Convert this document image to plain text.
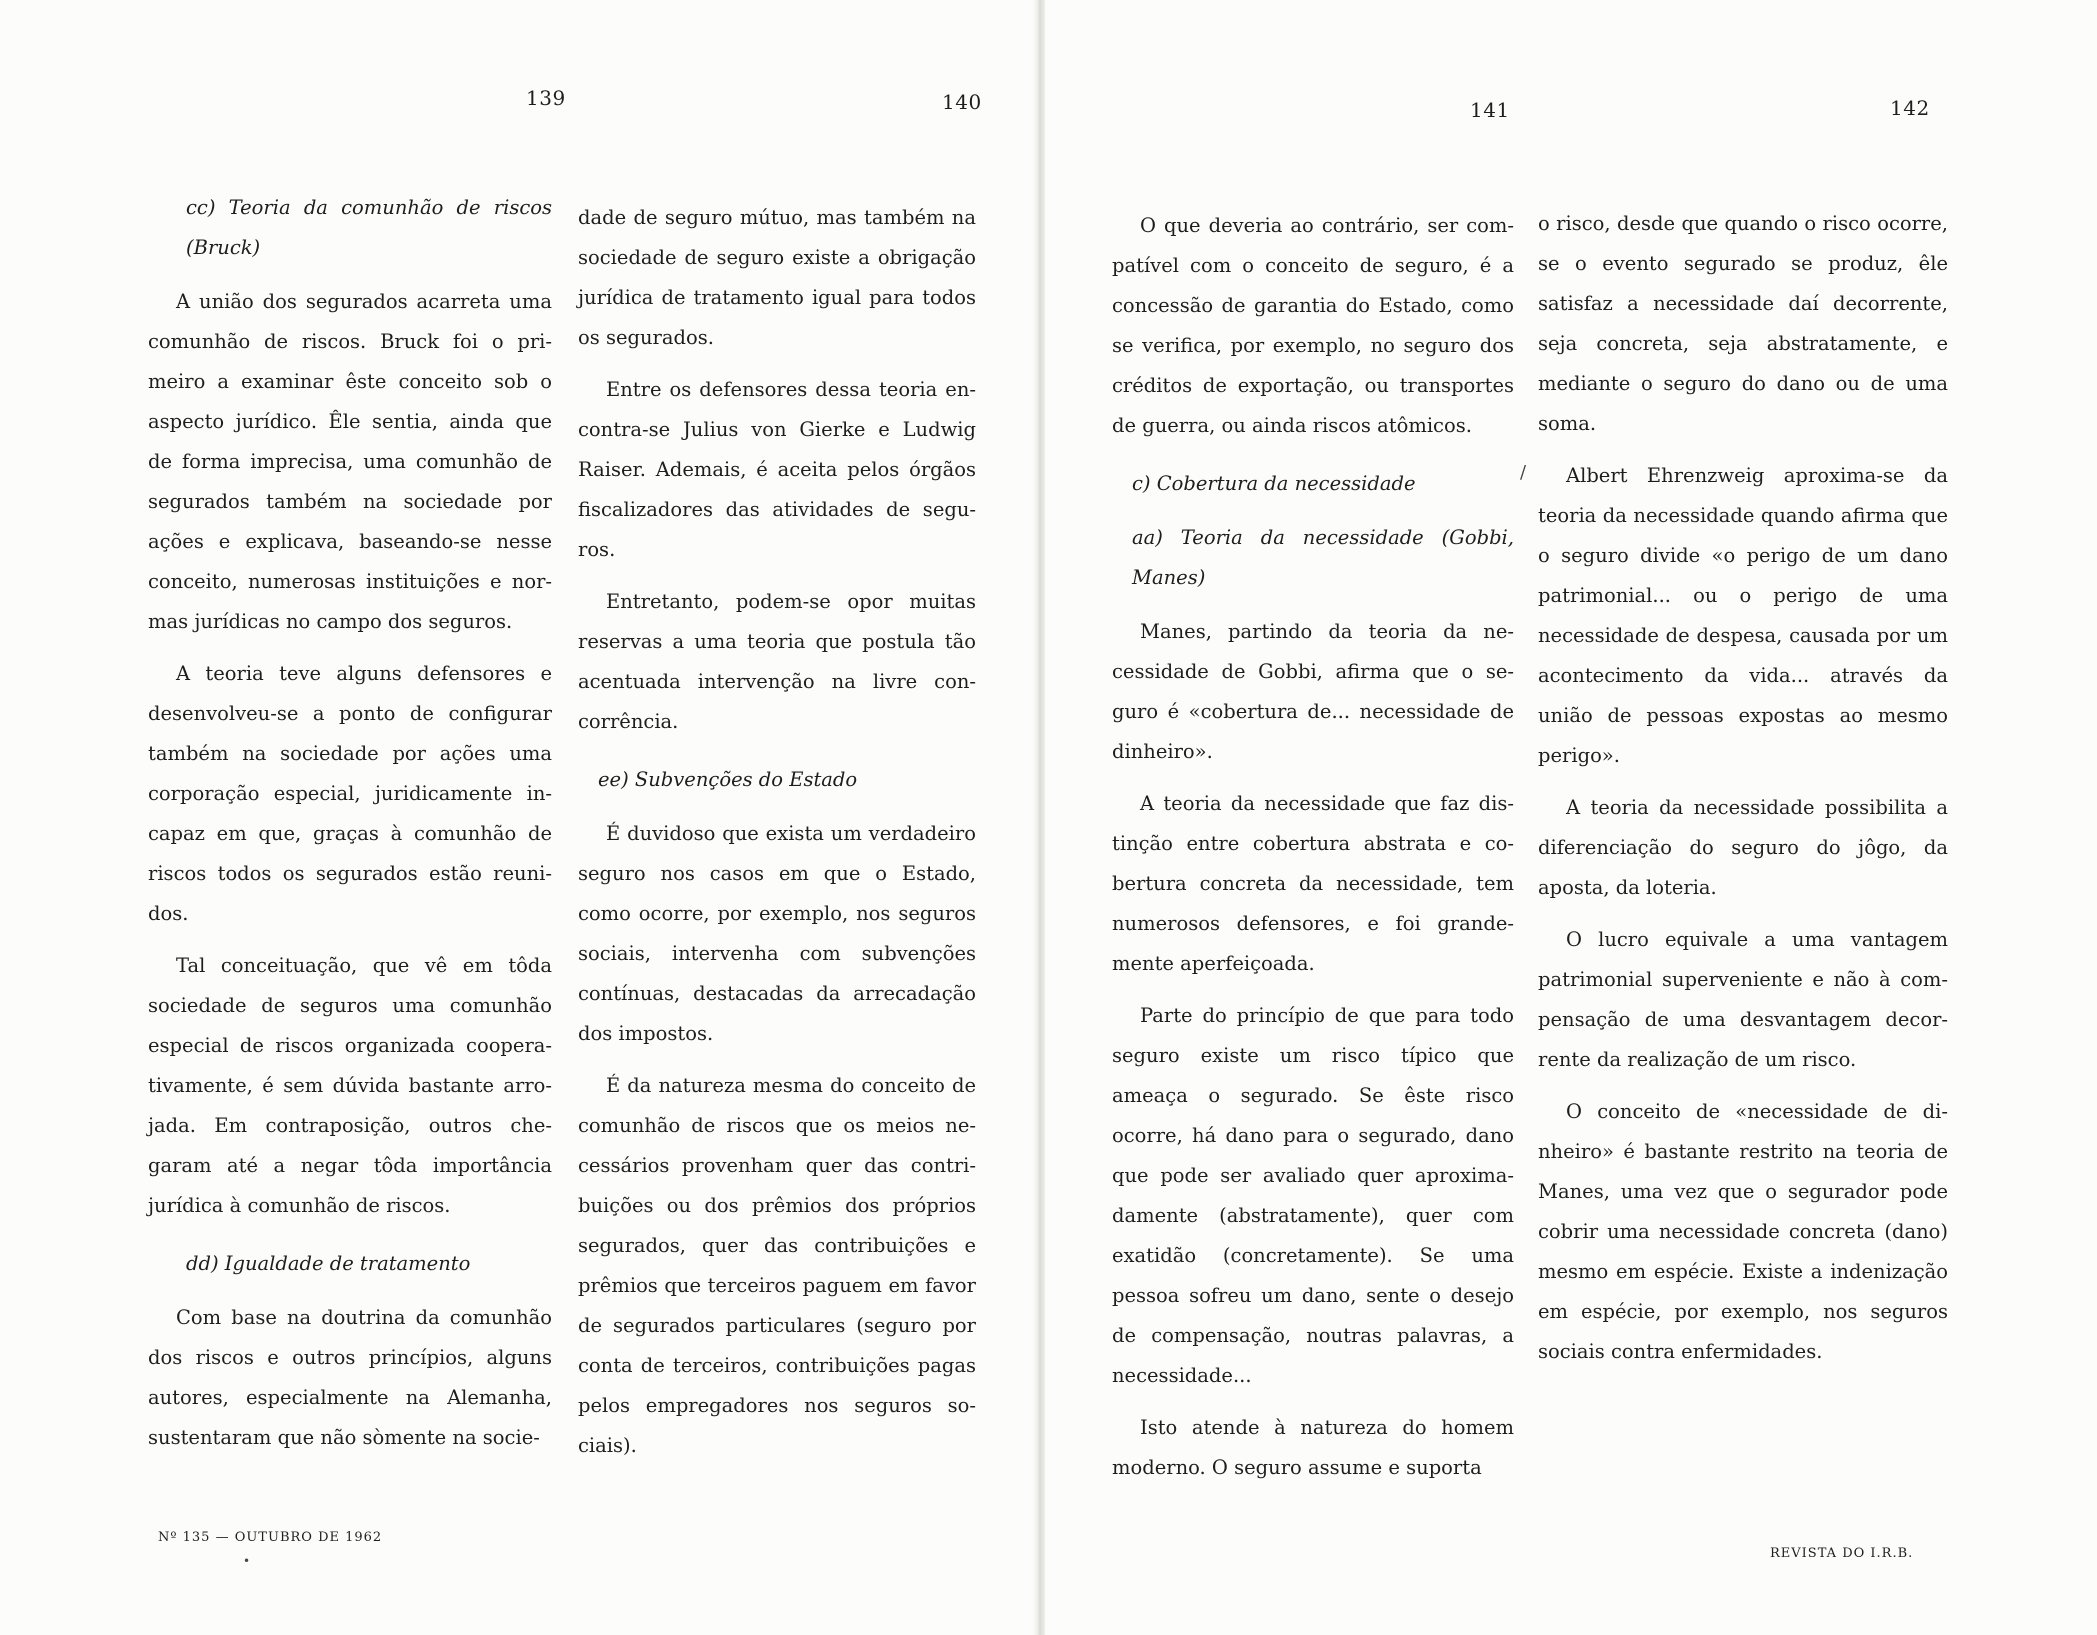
139	140	141	142
cc) Teoria da comunhão de riscos (Bruck)

A união dos segurados acarreta uma comunhão de riscos. Bruck foi o primeiro a examinar êste conceito sob o aspecto jurídico. Êle sentia, ainda que de forma imprecisa, uma comunhão de segurados também na sociedade por ações e explicava, baseando-se nesse conceito, numerosas instituições e normas jurídicas no campo dos seguros.

A teoria teve alguns defensores e desenvolveu-se a ponto de configurar também na sociedade por ações uma corporação especial, juridicamente incapaz em que, graças à comunhão de riscos todos os segurados estão reunidos.

Tal conceituação, que vê em tôda sociedade de seguros uma comunhão especial de riscos organizada cooperativamente, é sem dúvida bastante arrojada. Em contraposição, outros chegaram até a negar tôda importância jurídica à comunhão de riscos.

dd) Igualdade de tratamento

Com base na doutrina da comunhão dos riscos e outros princípios, alguns autores, especialmente na Alemanha, sustentaram que não sòmente na socie-

dade de seguro mútuo, mas também na sociedade de seguro existe a obrigação jurídica de tratamento igual para todos os segurados.

Entre os defensores dessa teoria encontra-se Julius von Gierke e Ludwig Raiser. Ademais, é aceita pelos órgãos fiscalizadores das atividades de seguros.

Entretanto, podem-se opor muitas reservas a uma teoria que postula tão acentuada intervenção na livre concorrência.

ee) Subvenções do Estado

É duvidoso que exista um verdadeiro seguro nos casos em que o Estado, como ocorre, por exemplo, nos seguros sociais, intervenha com subvenções contínuas, destacadas da arrecadação dos impostos.

É da natureza mesma do conceito de comunhão de riscos que os meios necessários provenham quer das contribuições ou dos prêmios dos próprios segurados, quer das contribuições e prêmios que terceiros paguem em favor de segurados particulares (seguro por conta de terceiros, contribuições pagas pelos empregadores nos seguros sociais).

O que deveria ao contrário, ser compatível com o conceito de seguro, é a concessão de garantia do Estado, como se verifica, por exemplo, no seguro dos créditos de exportação, ou transportes de guerra, ou ainda riscos atômicos.

c) Cobertura da necessidade
aa) Teoria da necessidade (Gobbi, Manes)

Manes, partindo da teoria da necessidade de Gobbi, afirma que o seguro é «cobertura de... necessidade de dinheiro».

A teoria da necessidade que faz distinção entre cobertura abstrata e cobertura concreta da necessidade, tem numerosos defensores, e foi grandemente aperfeiçoada.

Parte do princípio de que para todo seguro existe um risco típico que ameaça o segurado. Se êste risco ocorre, há dano para o segurado, dano que pode ser avaliado quer aproximadamente (abstratamente), quer com exatidão (concretamente). Se uma pessoa sofreu um dano, sente o desejo de compensação, noutras palavras, a necessidade...

Isto atende à natureza do homem moderno. O seguro assume e suporta

o risco, desde que quando o risco ocorre, se o evento segurado se produz, êle satisfaz a necessidade daí decorrente, seja concreta, seja abstratamente, e mediante o seguro do dano ou de uma soma.

Albert Ehrenzweig aproxima-se da teoria da necessidade quando afirma que o seguro divide «o perigo de um dano patrimonial... ou o perigo de uma necessidade de despesa, causada por um acontecimento da vida... através da união de pessoas expostas ao mesmo perigo».

A teoria da necessidade possibilita a diferenciação do seguro do jôgo, da aposta, da loteria.

O lucro equivale a uma vantagem patrimonial superveniente e não à compensação de uma desvantagem decorrente da realização de um risco.

O conceito de «necessidade de dinheiro» é bastante restrito na teoria de Manes, uma vez que o segurador pode cobrir uma necessidade concreta (dano) mesmo em espécie. Existe a indenização em espécie, por exemplo, nos seguros sociais contra enfermidades.

Nº 135 — OUTUBRO DE 1962
REVISTA DO I.R.B.
/
•
